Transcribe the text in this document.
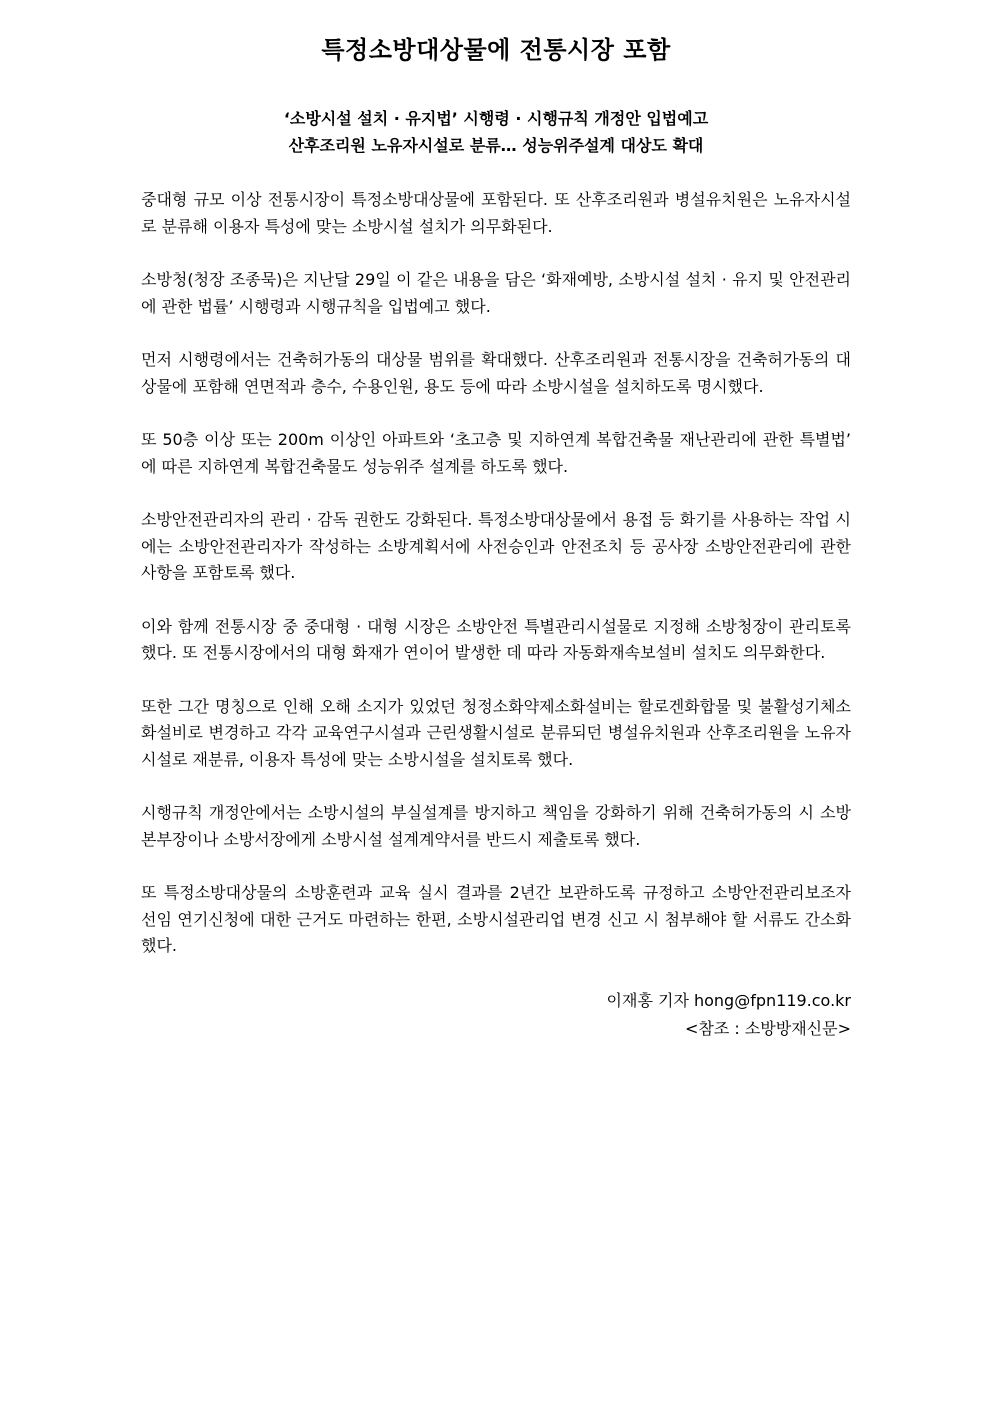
특정소방대상물에 전통시장 포함
‘소방시설 설치 · 유지법’ 시행령 · 시행규칙 개정안 입법예고
산후조리원 노유자시설로 분류… 성능위주설계 대상도 확대

중대형 규모 이상 전통시장이 특정소방대상물에 포함된다. 또 산후조리원과 병설유치원은 노유자시설로 분류해 이용자 특성에 맞는 소방시설 설치가 의무화된다.

소방청(청장 조종묵)은 지난달 29일 이 같은 내용을 담은 ‘화재예방, 소방시설 설치 · 유지 및 안전관리에 관한 법률’ 시행령과 시행규칙을 입법예고 했다.

먼저 시행령에서는 건축허가동의 대상물 범위를 확대했다. 산후조리원과 전통시장을 건축허가동의 대상물에 포함해 연면적과 층수, 수용인원, 용도 등에 따라 소방시설을 설치하도록 명시했다.

또 50층 이상 또는 200m 이상인 아파트와 ‘초고층 및 지하연계 복합건축물 재난관리에 관한 특별법’ 에 따른 지하연계 복합건축물도 성능위주 설계를 하도록 했다.

소방안전관리자의 관리 · 감독 권한도 강화된다. 특정소방대상물에서 용접 등 화기를 사용하는 작업 시에는 소방안전관리자가 작성하는 소방계획서에 사전승인과 안전조치 등 공사장 소방안전관리에 관한 사항을 포함토록 했다.

이와 함께 전통시장 중 중대형 · 대형 시장은 소방안전 특별관리시설물로 지정해 소방청장이 관리토록 했다. 또 전통시장에서의 대형 화재가 연이어 발생한 데 따라 자동화재속보설비 설치도 의무화한다.

또한 그간 명칭으로 인해 오해 소지가 있었던 청정소화약제소화설비는 할로겐화합물 및 불활성기체소화설비로 변경하고 각각 교육연구시설과 근린생활시설로 분류되던 병설유치원과 산후조리원을 노유자시설로 재분류, 이용자 특성에 맞는 소방시설을 설치토록 했다.

시행규칙 개정안에서는 소방시설의 부실설계를 방지하고 책임을 강화하기 위해 건축허가동의 시 소방본부장이나 소방서장에게 소방시설 설계계약서를 반드시 제출토록 했다.

또 특정소방대상물의 소방훈련과 교육 실시 결과를 2년간 보관하도록 규정하고 소방안전관리보조자 선임 연기신청에 대한 근거도 마련하는 한편, 소방시설관리업 변경 신고 시 첨부해야 할 서류도 간소화했다.

이재홍 기자 hong@fpn119.co.kr
<참조 : 소방방재신문>
